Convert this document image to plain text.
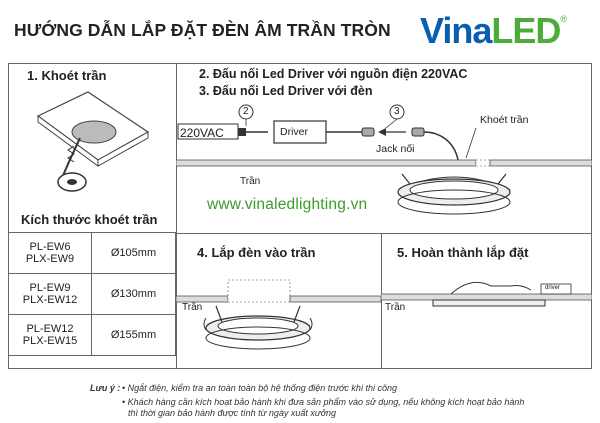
HƯỚNG DẪN LẮP ĐẶT ĐÈN ÂM TRẦN TRÒN VinaLED®
1. Khoét trần
Kích thước khoét trần
PL-EW6
PLX-EW9	Ø105mm
PL-EW9
PLX-EW12	Ø130mm
PL-EW12
PLX-EW15	Ø155mm
2. Đấu nối Led Driver với nguồn điện 220VAC
3. Đấu nối Led Driver với đèn
220VAC	Driver
2	3
Jack nối
Khoét trần
Trần
www.vinaledlighting.vn
4. Lắp đèn vào trần
Trần
5. Hoàn thành lắp đặt
driver
Trần
Lưu ý : • Ngắt điện, kiểm tra an toàn toàn bộ hệ thống điện trước khi thi công
• Khách hàng cần kích hoạt bảo hành khi đưa sản phẩm vào sử dụng, nếu không kích hoạt bảo hành
thì thời gian bảo hành được tính từ ngày xuất xưởng
